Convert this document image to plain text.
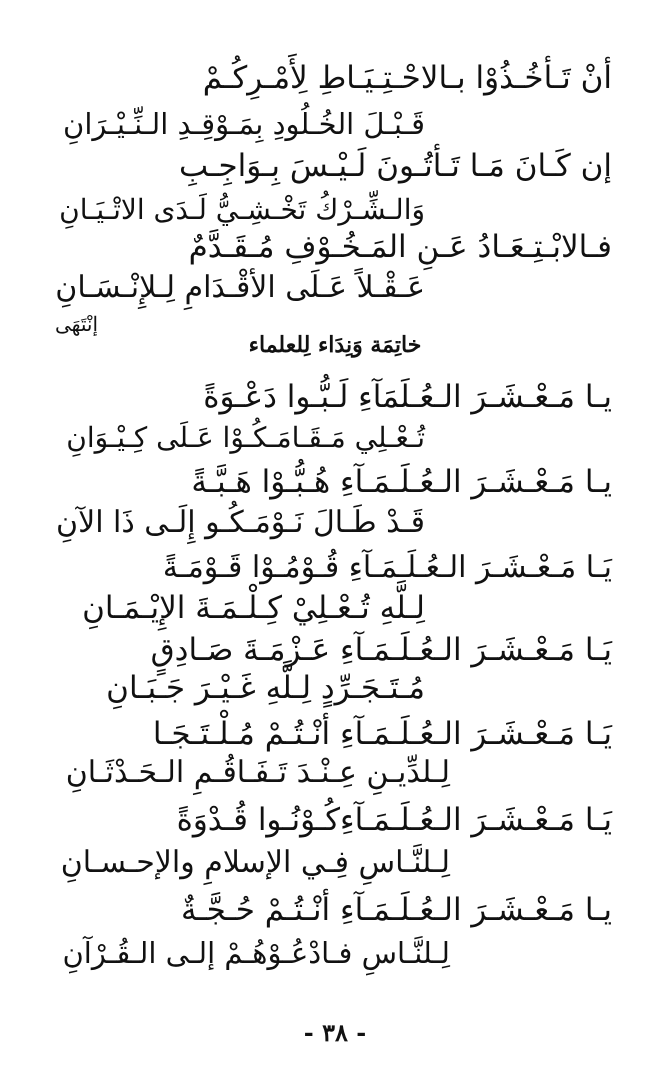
أنْ تَـأخُـذُوْا بـالاحْـتِـيَـاطِ لِأَمْـرِكُـمْ
قَـبْـلَ الخُـلُودِ بِمَـوْقِـدِ الـنِّـيْـرَانِ
إن كَـانَ مَـا تَـأتُـونَ لَـيْـسَ بِـوَاجِـبِ
وَالـشِّـرْكُ تَخْـشِـيُّ لَـدَى الاتْـيَـانِ
فـالابْـتِـعَـادُ عَـنِ المَـخُـوْفِ مُـقَـدَّمٌ
عَـقْـلاً عَـلَى الأقْـدَامِ لِـلإِنْـسَـانِ
إنْتَهَى
خاتِمَة وَنِدَاء لِلعلماء
يـا مَـعْـشَـرَ الـعُـلَمَآءِ لَـبُّـوا دَعْـوَةً
تُـعْـلِي مَـقَـامَـكُـوْا عَـلَى كِـيْـوَانِ
يـا مَـعْـشَـرَ الـعُـلَـمَـآءِ هُـبُّـوْا هَـبَّـةً
قَـدْ طَـالَ نَـوْمَـكُـو إِلَـى ذَا الآنِ
يَـا مَـعْـشَـرَ الـعُـلَـمَـآءِ قُـوْمُـوْا قَـوْمَـةً
لِـلَّهِ تُـعْـلِيْ كِـلْـمَـةَ الإِيْـمَـانِ
يَـا مَـعْـشَـرَ الـعُـلَـمَـآءِ عَـزْمَـةَ صَـادِقٍ
مُـتَـجَـرِّدٍ لِـلَّهِ غَـيْـرَ جَـبَـانِ
يَـا مَـعْـشَـرَ الـعُـلَـمَـآءِ أنْـتُـمْ مُـلْـتَـجَـا
لِـلدِّيـنِ عِـنْـدَ تَـفَـاقُـمِ الـحَـدْثَـانِ
يَـا مَـعْـشَـرَ الـعُـلَـمَـآءِكُـوْنُـوا قُـدْوَةً
لِـلنَّـاسِ فِـي الإسلامِ والإحـسـانِ
يـا مَـعْـشَـرَ الـعُـلَـمَـآءِ أنْـتُـمْ حُـجَّـةٌ
لِـلنَّـاسِ فـادْعُـوْهُـمْ إلـى الـقُـرْآنِ
- ٣٨ -
